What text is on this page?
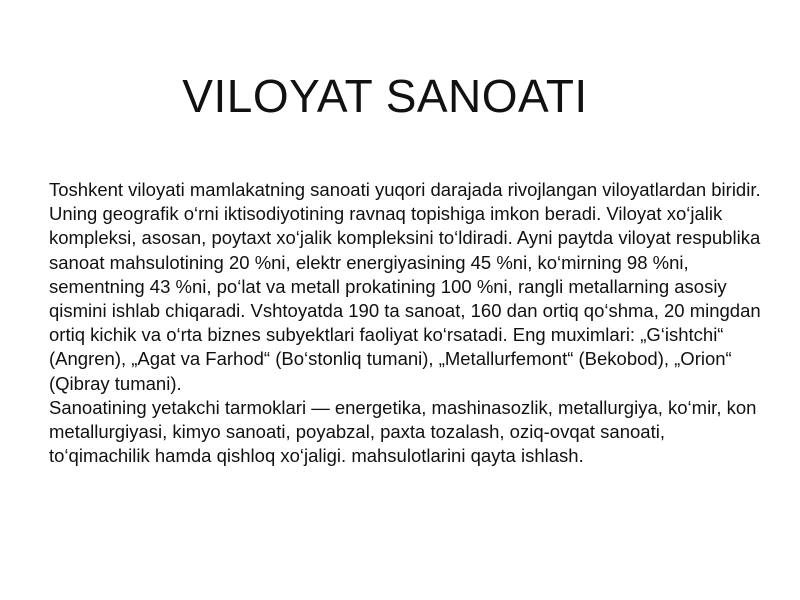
VILOYAT SANOATI

Toshkent viloyati mamlakatning sanoati yuqori darajada rivojlangan viloyatlardan biridir. Uning geografik o‘rni iktisodiyotining ravnaq topishiga imkon beradi. Viloyat xo‘jalik kompleksi, asosan, poytaxt xo‘jalik kompleksini to‘ldiradi. Ayni paytda viloyat respublika sanoat mahsulotining 20 %ni, elektr energiyasining 45 %ni, ko‘mirning 98 %ni, sementning 43 %ni, po‘lat va metall prokatining 100 %ni, rangli metallarning asosiy qismini ishlab chiqaradi. Vshtoyatda 190 ta sanoat, 160 dan ortiq qo‘shma, 20 mingdan ortiq kichik va o‘rta biznes subyektlari faoliyat ko‘rsatadi. Eng muximlari: „G‘ishtchi“ (Angren), „Agat va Farhod“ (Bo‘stonliq tumani), „Metallurfemont“ (Bekobod), „Orion“ (Qibray tumani).

Sanoatining yetakchi tarmoklari — energetika, mashinasozlik, metallurgiya, ko‘mir, kon metallurgiyasi, kimyo sanoati, poyabzal, paxta tozalash, oziq-ovqat sanoati, to‘qimachilik hamda qishloq xo‘jaligi. mahsulotlarini qayta ishlash.
